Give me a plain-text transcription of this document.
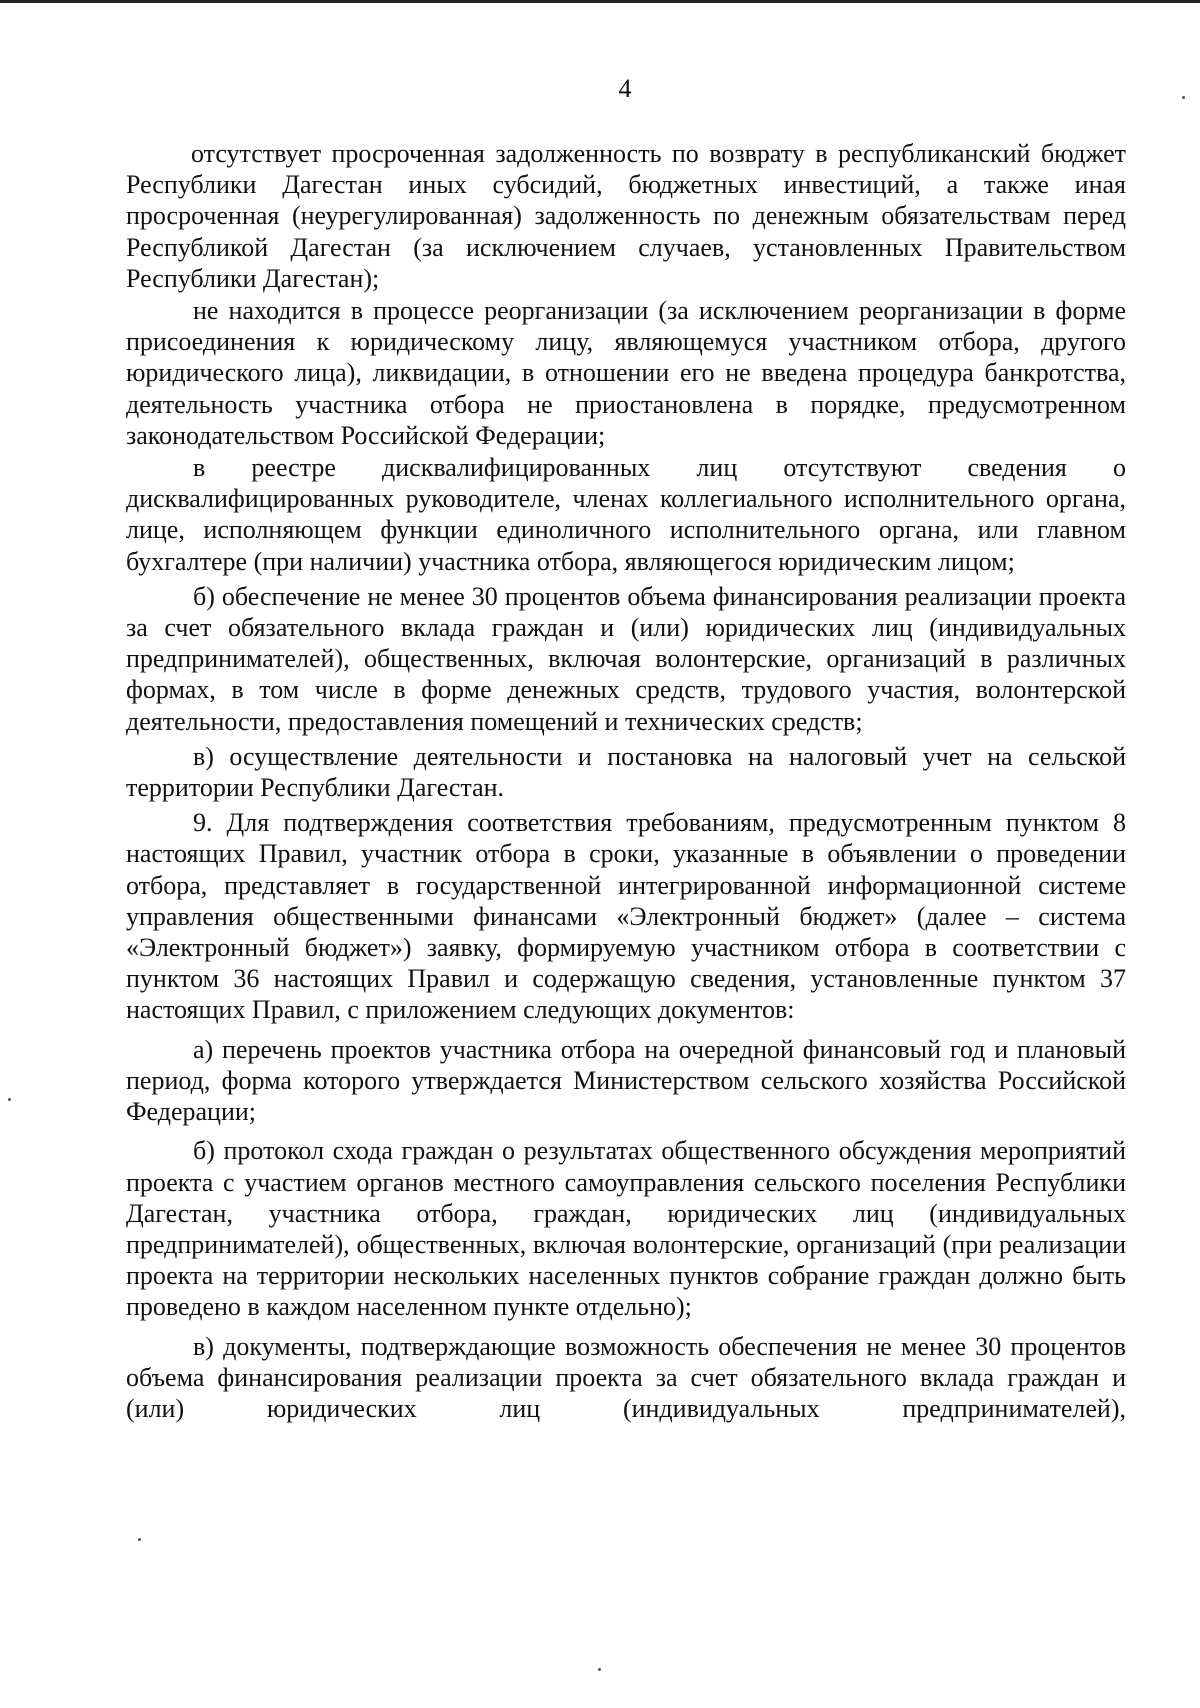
4

отсутствует просроченная задолженность по возврату в республиканский бюджет Республики Дагестан иных субсидий, бюджетных инвестиций, а также иная просроченная (неурегулированная) задолженность по денежным обязательствам перед Республикой Дагестан (за исключением случаев, установленных Правительством Республики Дагестан);

не находится в процессе реорганизации (за исключением реорганизации в форме присоединения к юридическому лицу, являющемуся участником отбора, другого юридического лица), ликвидации, в отношении его не введена процедура банкротства, деятельность участника отбора не приостановлена в порядке, предусмотренном законодательством Российской Федерации;

в реестре дисквалифицированных лиц отсутствуют сведения о дисквалифицированных руководителе, членах коллегиального исполнительного органа, лице, исполняющем функции единоличного исполнительного органа, или главном бухгалтере (при наличии) участника отбора, являющегося юридическим лицом;

б) обеспечение не менее 30 процентов объема финансирования реализации проекта за счет обязательного вклада граждан и (или) юридических лиц (индивидуальных предпринимателей), общественных, включая волонтерские, организаций в различных формах, в том числе в форме денежных средств, трудового участия, волонтерской деятельности, предоставления помещений и технических средств;

в) осуществление деятельности и постановка на налоговый учет на сельской территории Республики Дагестан.

9. Для подтверждения соответствия требованиям, предусмотренным пунктом 8 настоящих Правил, участник отбора в сроки, указанные в объявлении о проведении отбора, представляет в государственной интегрированной информационной системе управления общественными финансами «Электронный бюджет» (далее – система «Электронный бюджет») заявку, формируемую участником отбора в соответствии с пунктом 36 настоящих Правил и содержащую сведения, установленные пунктом 37 настоящих Правил, с приложением следующих документов:

а) перечень проектов участника отбора на очередной финансовый год и плановый период, форма которого утверждается Министерством сельского хозяйства Российской Федерации;

б) протокол схода граждан о результатах общественного обсуждения мероприятий проекта с участием органов местного самоуправления сельского поселения Республики Дагестан, участника отбора, граждан, юридических лиц (индивидуальных предпринимателей), общественных, включая волонтерские, организаций (при реализации проекта на территории нескольких населенных пунктов собрание граждан должно быть проведено в каждом населенном пункте отдельно);

в) документы, подтверждающие возможность обеспечения не менее 30 процентов объема финансирования реализации проекта за счет обязательного вклада граждан и (или) юридических лиц (индивидуальных предпринимателей),
